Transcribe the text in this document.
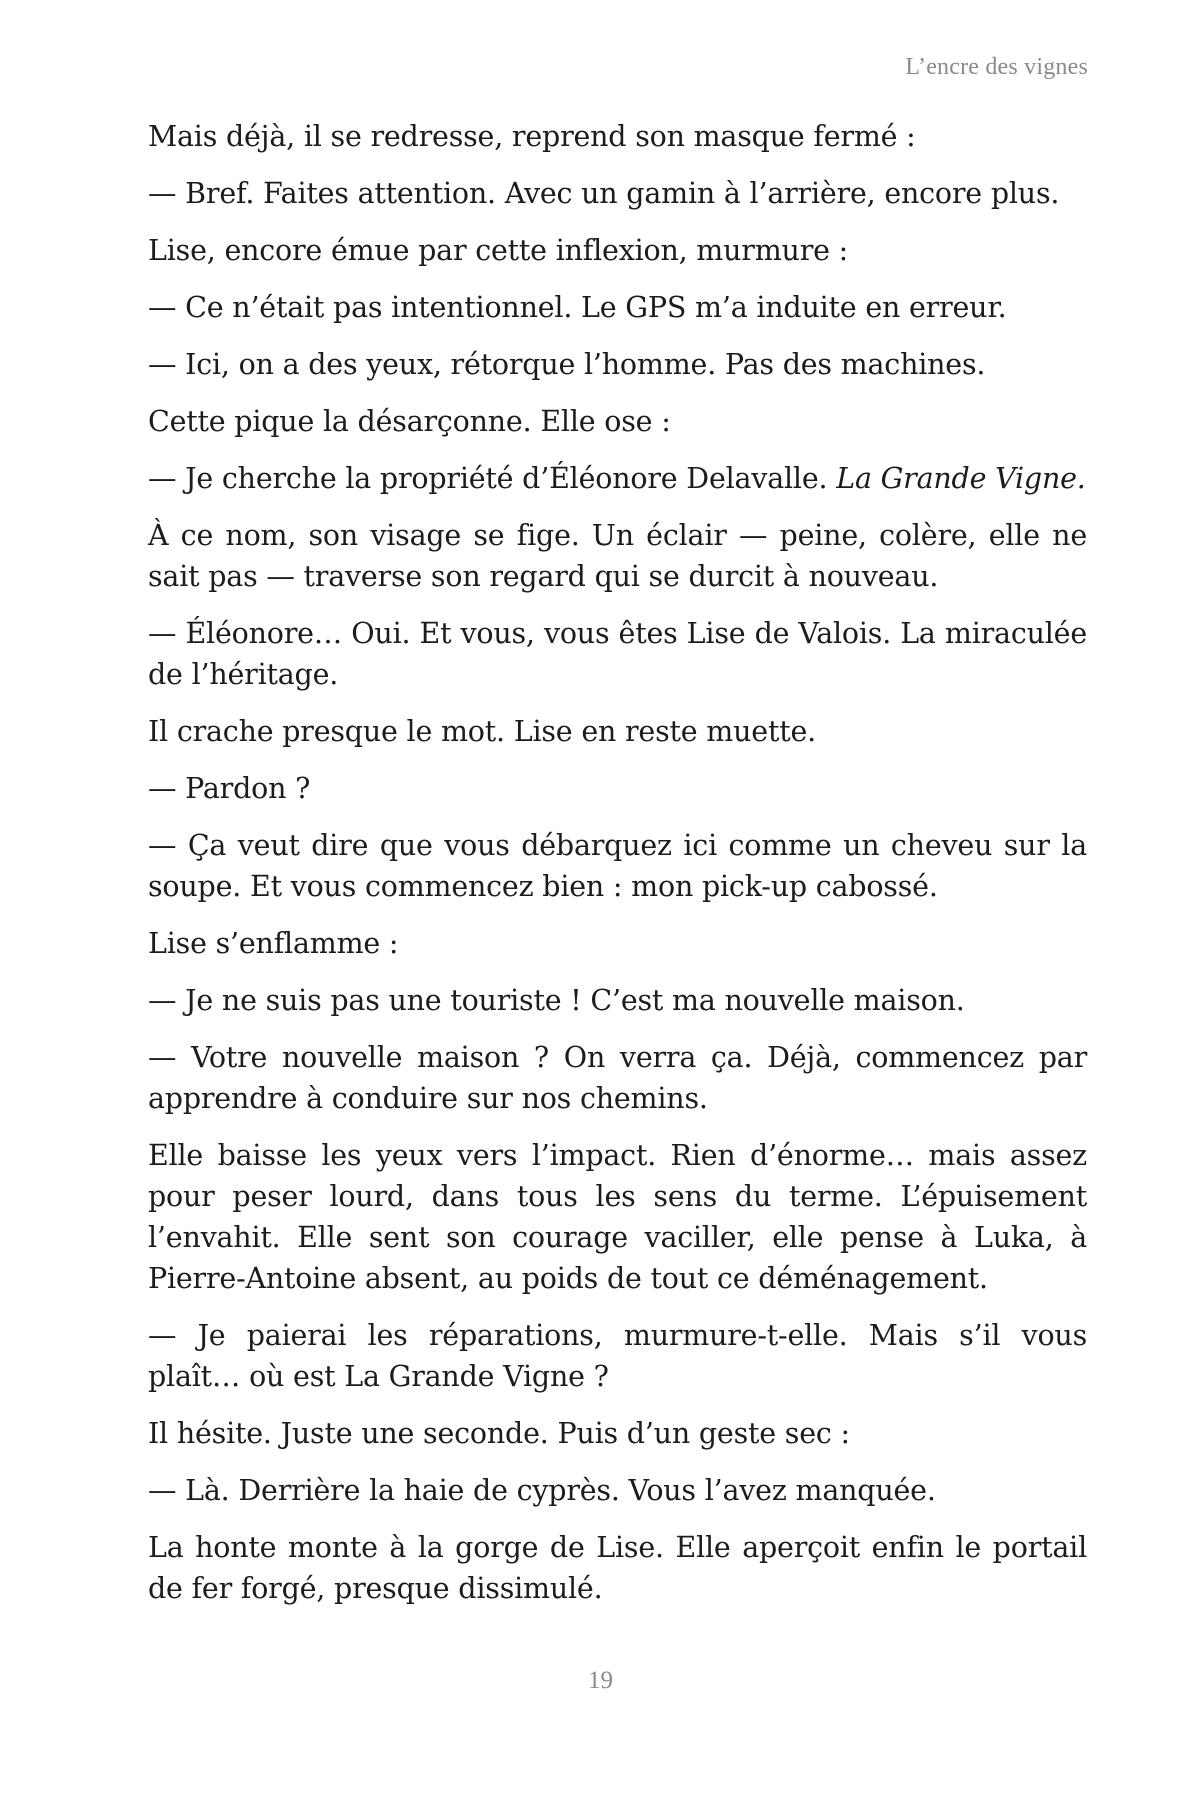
L’encre des vignes

Mais déjà, il se redresse, reprend son masque fermé :

— Bref. Faites attention. Avec un gamin à l’arrière, encore plus.

Lise, encore émue par cette inflexion, murmure :

— Ce n’était pas intentionnel. Le GPS m’a induite en erreur.

— Ici, on a des yeux, rétorque l’homme. Pas des machines.

Cette pique la désarçonne. Elle ose :

— Je cherche la propriété d’Éléonore Delavalle. La Grande Vigne.

À ce nom, son visage se fige. Un éclair — peine, colère, elle ne sait pas — traverse son regard qui se durcit à nouveau.

— Éléonore… Oui. Et vous, vous êtes Lise de Valois. La miraculée de l’héritage.

Il crache presque le mot. Lise en reste muette.

— Pardon ?

— Ça veut dire que vous débarquez ici comme un cheveu sur la soupe. Et vous commencez bien : mon pick-up cabossé.

Lise s’enflamme :

— Je ne suis pas une touriste ! C’est ma nouvelle maison.

— Votre nouvelle maison ? On verra ça. Déjà, commencez par apprendre à conduire sur nos chemins.

Elle baisse les yeux vers l’impact. Rien d’énorme… mais assez pour peser lourd, dans tous les sens du terme. L’épuisement l’envahit. Elle sent son courage vaciller, elle pense à Luka, à Pierre-Antoine absent, au poids de tout ce déménagement.

— Je paierai les réparations, murmure-t-elle. Mais s’il vous plaît… où est La Grande Vigne ?

Il hésite. Juste une seconde. Puis d’un geste sec :

— Là. Derrière la haie de cyprès. Vous l’avez manquée.

La honte monte à la gorge de Lise. Elle aperçoit enfin le portail de fer forgé, presque dissimulé.

19
